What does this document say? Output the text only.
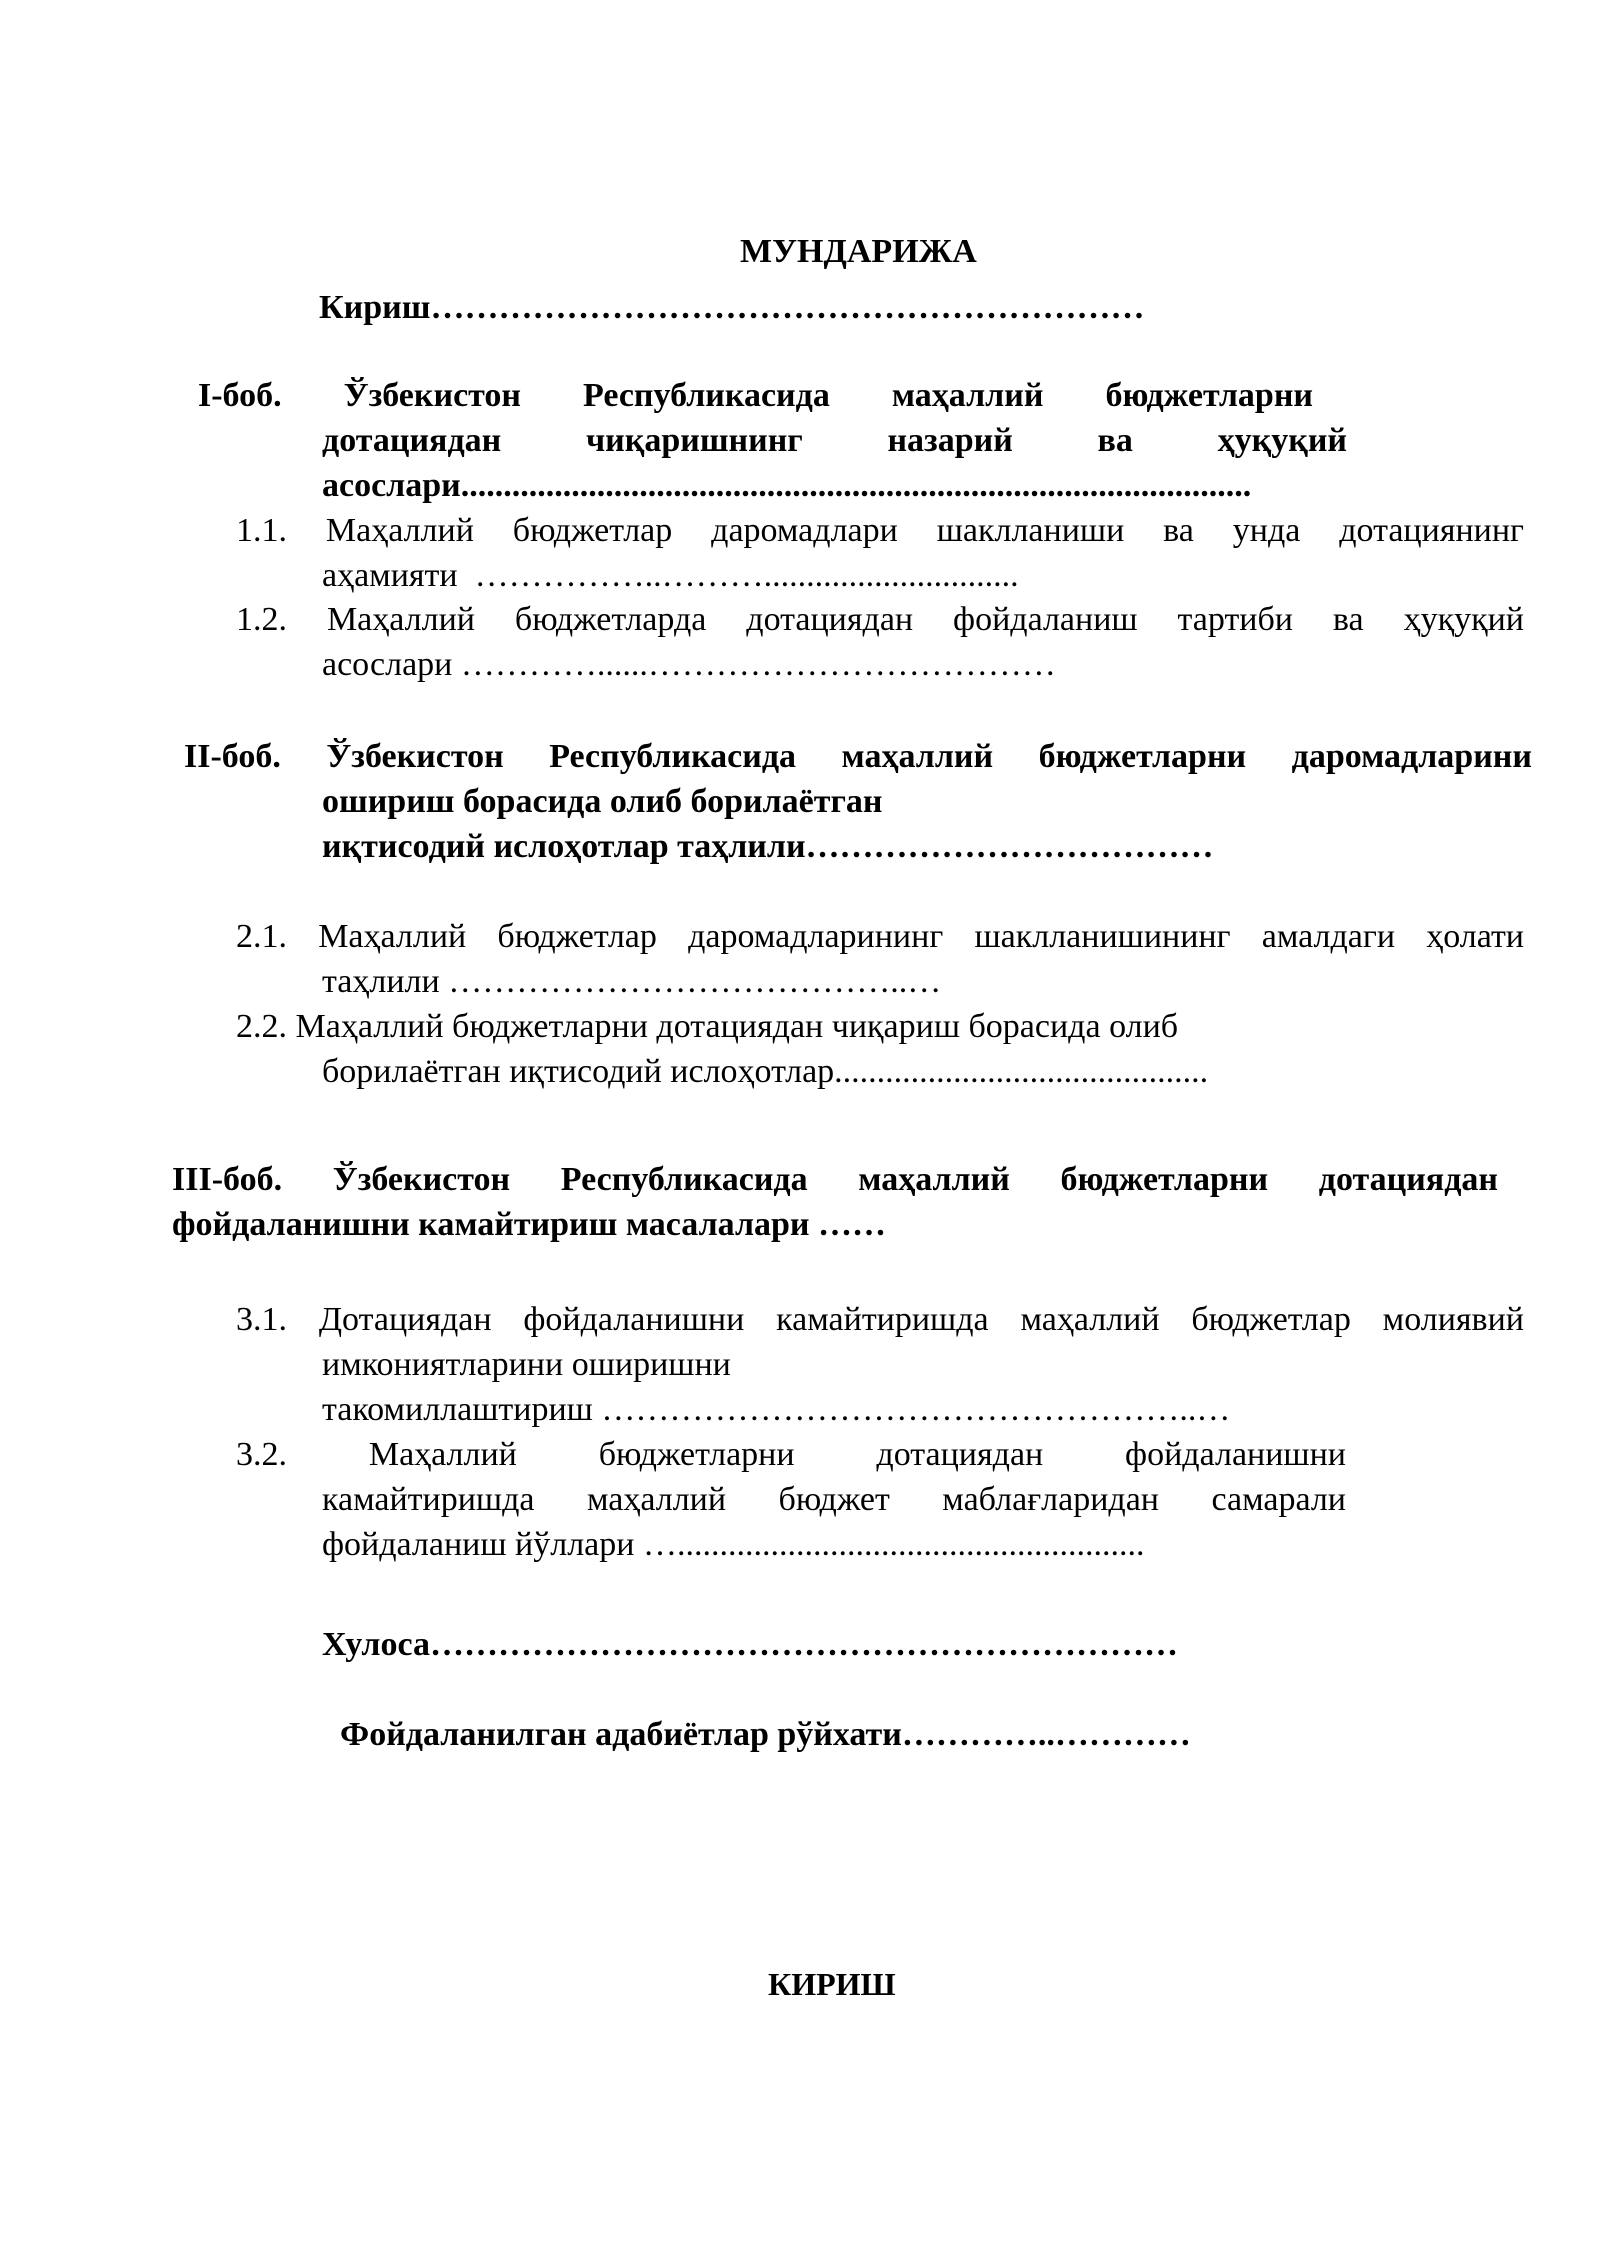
МУНДАРИЖА
Кириш………………………………………………………
I-боб. Ўзбекистон Республикасида маҳаллий бюджетларни
дотациядан чиқаришнинг назарий ва ҳуқуқий
асослари.............................................................................................
1.1. Маҳаллий бюджетлар даромадлари шаклланиши ва унда дотациянинг
аҳамияти  ……………..………..............................
1.2. Маҳаллий бюджетларда дотациядан фойдаланиш тартиби ва ҳуқуқий
асослари …………......………………………………
II-боб. Ўзбекистон Республикасида маҳаллий бюджетларни даромадларини
ошириш борасида олиб борилаётган
иқтисодий ислоҳотлар таҳлили………………………………
2.1. Маҳаллий бюджетлар даромадларининг шаклланишининг амалдаги ҳолати
таҳлили …………………………………..…
2.2. Маҳаллий бюджетларни дотациядан чиқариш борасида олиб
борилаётган иқтисодий ислоҳотлар............................................
III-боб. Ўзбекистон Республикасида маҳаллий бюджетларни дотациядан
фойдаланишни камайтириш масалалари ……
3.1. Дотациядан фойдаланишни камайтиришда маҳаллий бюджетлар молиявий
имкониятларини оширишни
такомиллаштириш ……………………………………………..…
3.2. Маҳаллий бюджетларни дотациядан фойдаланишни
камайтиришда маҳаллий бюджет маблағларидан самарали
фойдаланиш йўллари ….......................................................
Хулоса…………………………………………………………
Фойдаланилган адабиётлар рўйхати…………..…………
КИРИШ
